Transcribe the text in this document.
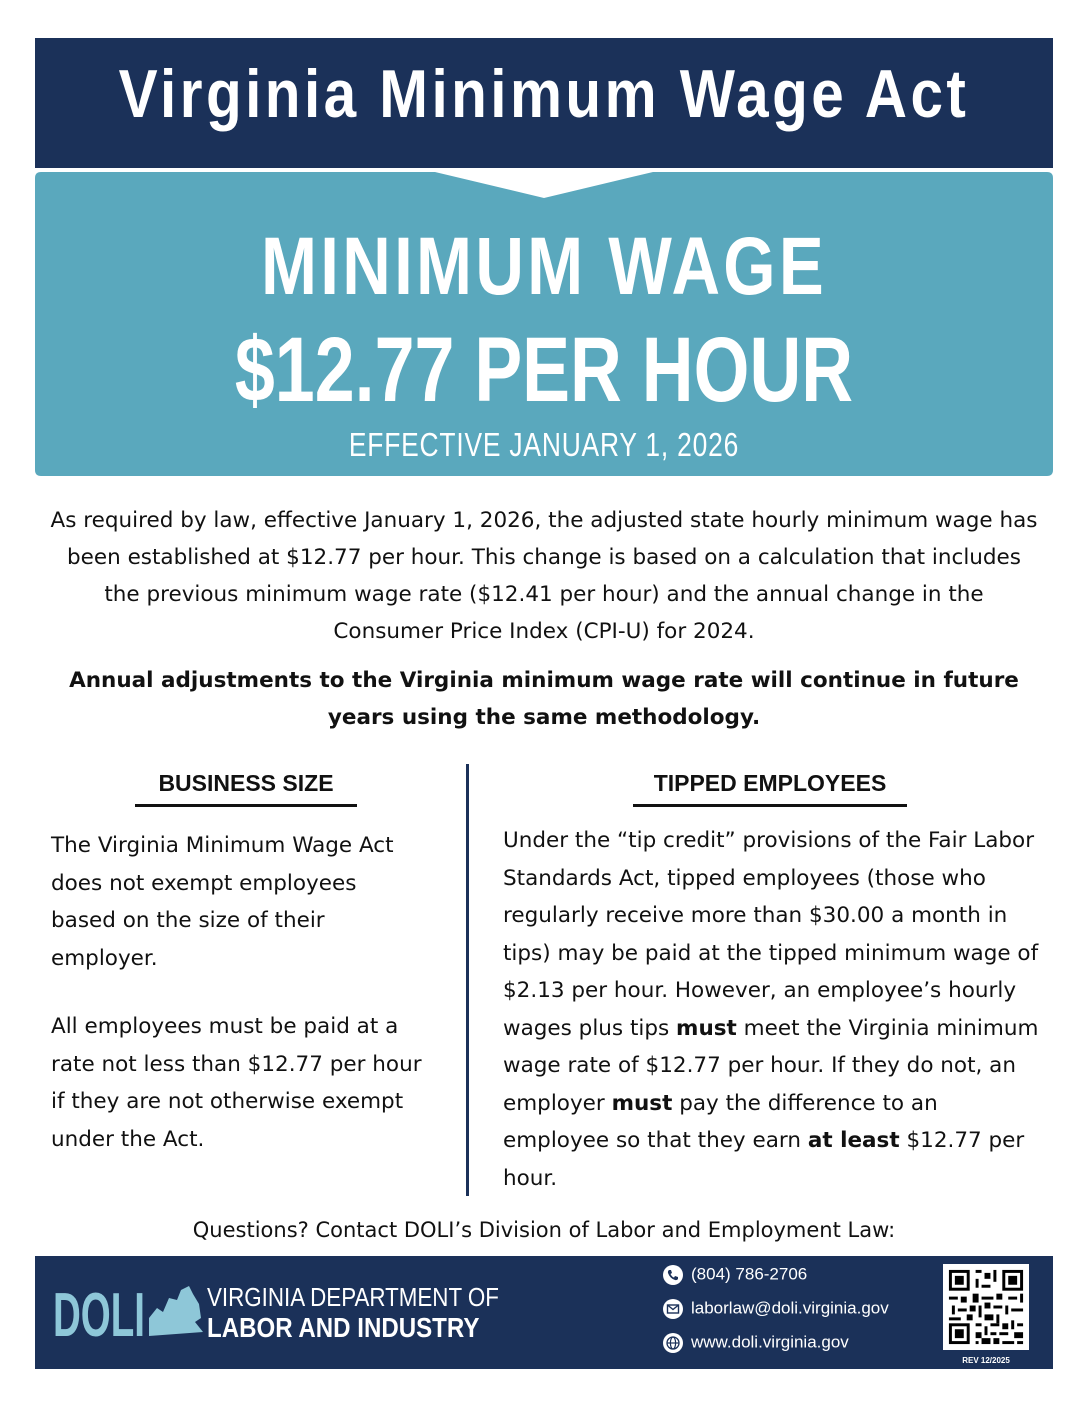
Virginia Minimum Wage Act
MINIMUM WAGE
$12.77 PER HOUR
EFFECTIVE JANUARY 1, 2026
As required by law, effective January 1, 2026, the adjusted state hourly minimum wage has been established at $12.77 per hour. This change is based on a calculation that includes the previous minimum wage rate ($12.41 per hour) and the annual change in the Consumer Price Index (CPI-U) for 2024.
Annual adjustments to the Virginia minimum wage rate will continue in future years using the same methodology.
BUSINESS SIZE	TIPPED EMPLOYEES

The Virginia Minimum Wage Act does not exempt employees based on the size of their employer.

All employees must be paid at a rate not less than $12.77 per hour if they are not otherwise exempt under the Act.

Under the “tip credit” provisions of the Fair Labor Standards Act, tipped employees (those who regularly receive more than $30.00 a month in tips) may be paid at the tipped minimum wage of $2.13 per hour. However, an employee’s hourly wages plus tips must meet the Virginia minimum wage rate of $12.77 per hour. If they do not, an employer must pay the difference to an employee so that they earn at least $12.77 per hour.

Questions? Contact DOLI’s Division of Labor and Employment Law:
DOLI VIRGINIA DEPARTMENT OF
LABOR AND INDUSTRY
(804) 786-2706
laborlaw@doli.virginia.gov
www.doli.virginia.gov
REV 12/2025
